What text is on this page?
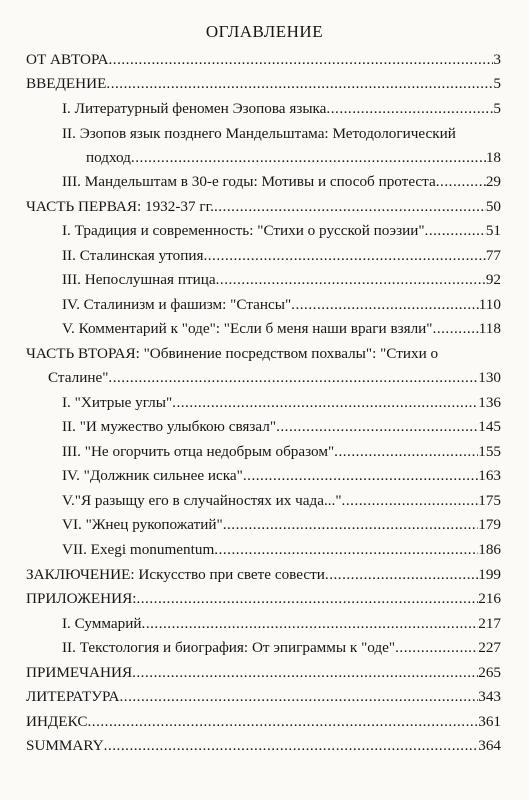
ОГЛАВЛЕНИЕ
ОТ АВТОРА .....	3
ВВЕДЕНИЕ .....	5
I. Литературный феномен Эзопова языка .....	5
II. Эзопов язык позднего Мандельштама: Методологический
подход .....	18
III. Мандельштам в 30-е годы: Мотивы и способ протеста .....	29
ЧАСТЬ ПЕРВАЯ: 1932-37 гг. .....	50
I. Традиция и современность: "Стихи о русской поэзии" .....	51
II. Сталинская утопия .....	77
III. Непослушная птица .....	92
IV. Сталинизм и фашизм: "Стансы" .....	110
V. Комментарий к "оде": "Если б меня наши враги взяли" .....	118
ЧАСТЬ ВТОРАЯ: "Обвинение посредством похвалы": "Стихи о
Сталине" .....	130
I. "Хитрые углы" .....	136
II. "И мужество улыбкою связал" .....	145
III. "Не огорчить отца недобрым образом" .....	155
IV. "Должник сильнее иска" .....	163
V."Я разыщу его в случайностях их чада..." .....	175
VI. "Жнец рукопожатий" .....	179
VII. Exegi monumentum .....	186
ЗАКЛЮЧЕНИЕ: Искусство при свете совести .....	199
ПРИЛОЖЕНИЯ: .....	216
I. Суммарий .....	217
II. Текстология и биография: От эпиграммы к "оде" .....	227
ПРИМЕЧАНИЯ .....	265
ЛИТЕРАТУРА .....	343
ИНДЕКС .....	361
SUMMARY .....	364
